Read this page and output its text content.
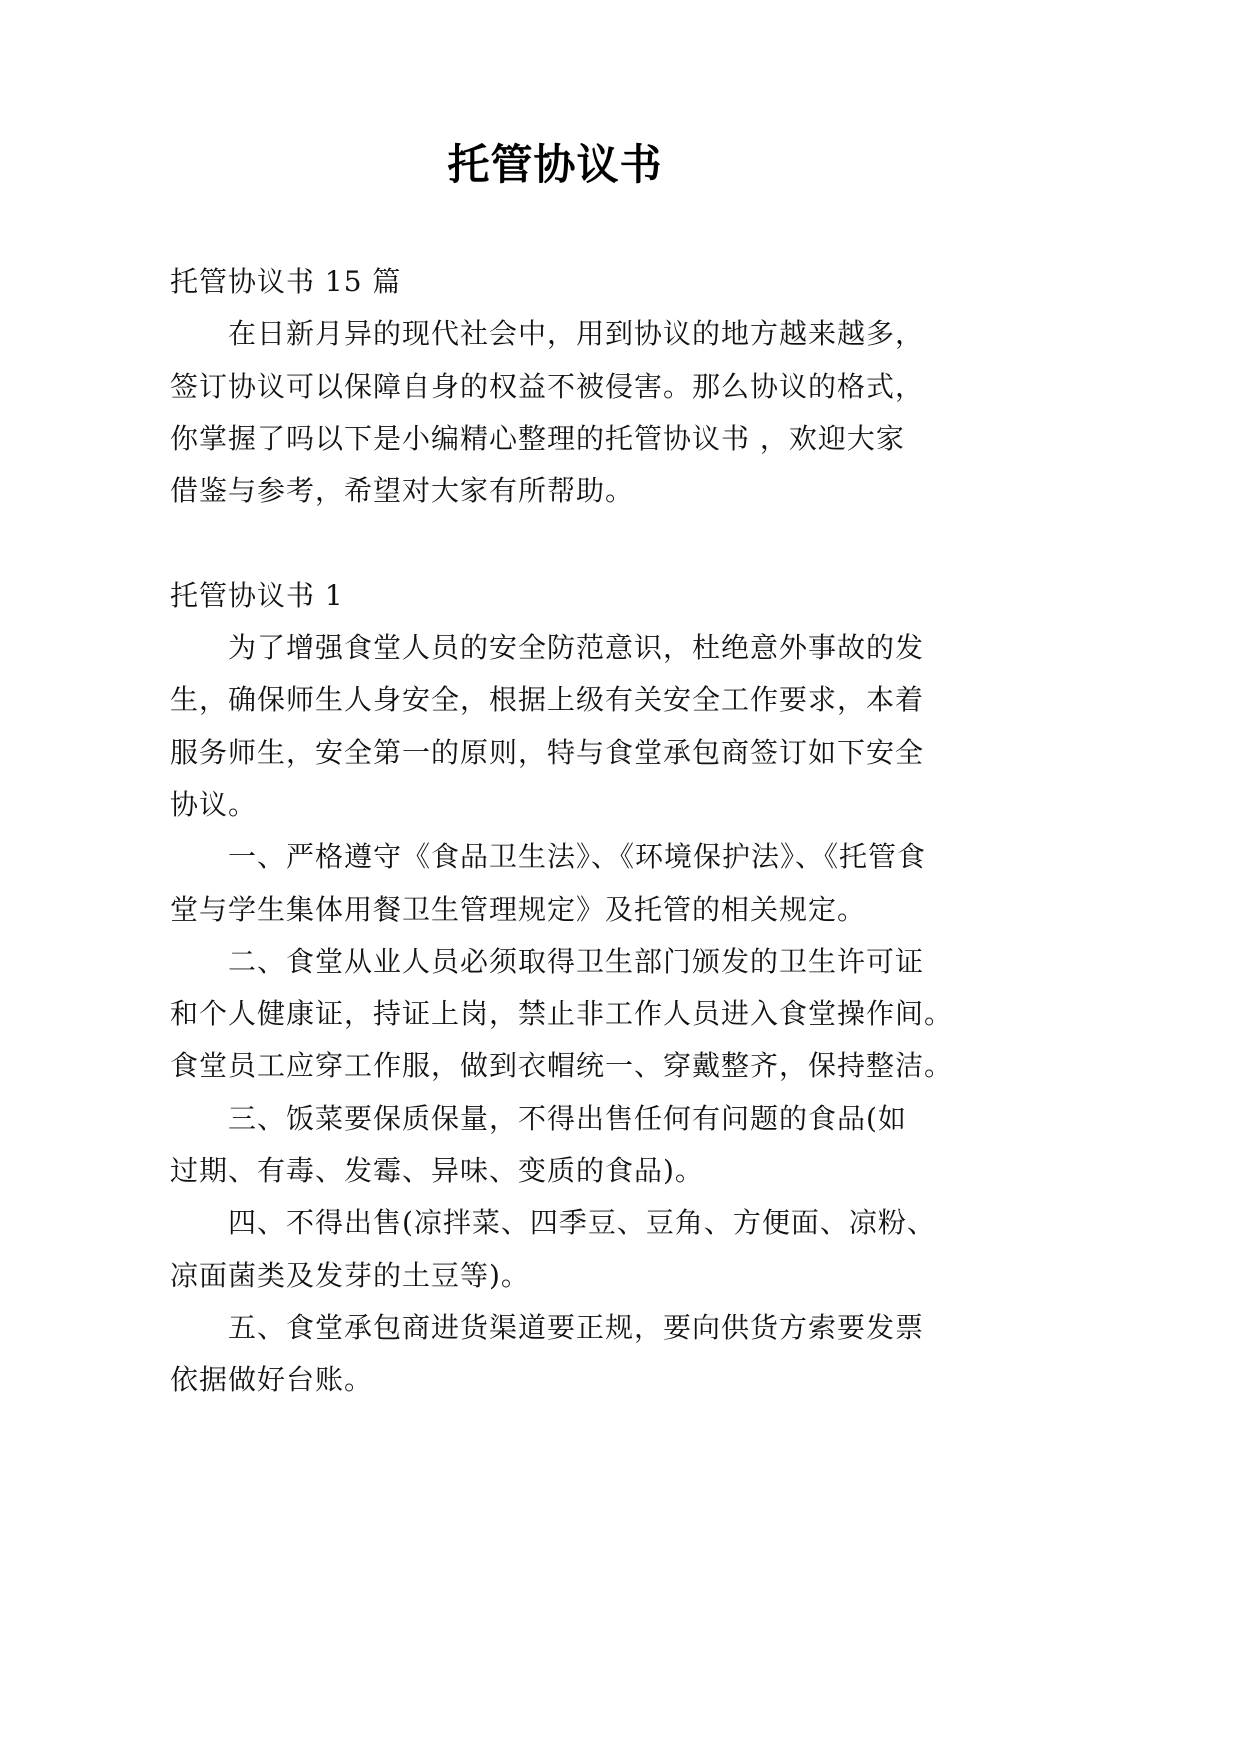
托管协议书
托管协议书 15 篇
在日新月异的现代社会中，用到协议的地方越来越多，
签订协议可以保障自身的权益不被侵害。那么协议的格式，
你掌握了吗以下是小编精心整理的托管协议书 ，欢迎大家
借鉴与参考，希望对大家有所帮助。
托管协议书 1
为了增强食堂人员的安全防范意识，杜绝意外事故的发
生，确保师生人身安全，根据上级有关安全工作要求，本着
服务师生，安全第一的原则，特与食堂承包商签订如下安全
协议。
一、严格遵守《食品卫生法》、《环境保护法》、《托管食
堂与学生集体用餐卫生管理规定》及托管的相关规定。
二、食堂从业人员必须取得卫生部门颁发的卫生许可证
和个人健康证，持证上岗，禁止非工作人员进入食堂操作间。
食堂员工应穿工作服，做到衣帽统一、穿戴整齐，保持整洁。
三、饭菜要保质保量，不得出售任何有问题的食品(如
过期、有毒、发霉、异味、变质的食品)。
四、不得出售(凉拌菜、四季豆、豆角、方便面、凉粉、
凉面菌类及发芽的土豆等)。
五、食堂承包商进货渠道要正规，要向供货方索要发票
依据做好台账。
